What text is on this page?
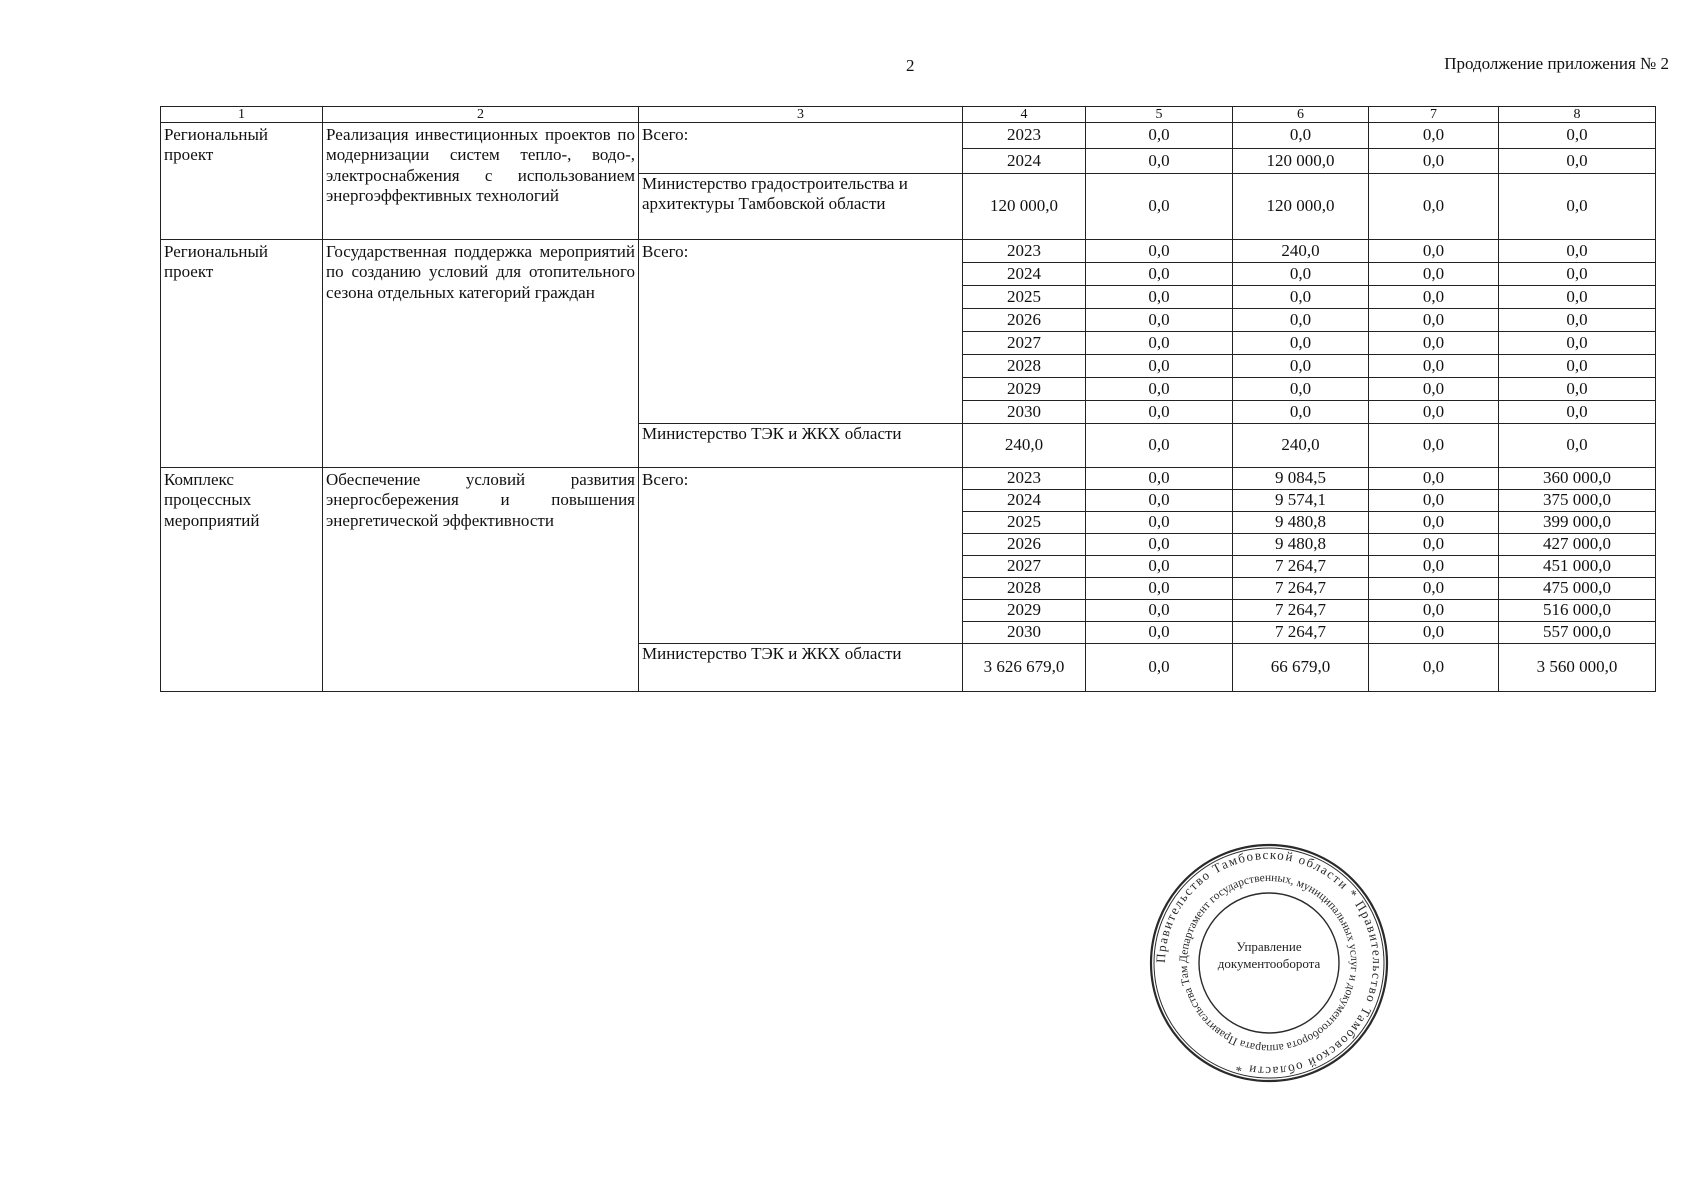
2	Продолжение приложения № 2
1	2	3	4	5	6	7	8
Региональный проект	Реализация инвестиционных проектов по модернизации систем тепло-, водо-, электроснабжения с использованием энергоэффективных технологий	Всего:	2023	0,0	0,0	0,0	0,0
			2024	0,0	120 000,0	0,0	0,0
		Министерство градостроительства и архитектуры Тамбовской области	120 000,0	0,0	120 000,0	0,0	0,0
Региональный проект	Государственная поддержка мероприятий по созданию условий для отопительного сезона отдельных категорий граждан	Всего:	2023	0,0	240,0	0,0	0,0
			2024	0,0	0,0	0,0	0,0
			2025	0,0	0,0	0,0	0,0
			2026	0,0	0,0	0,0	0,0
			2027	0,0	0,0	0,0	0,0
			2028	0,0	0,0	0,0	0,0
			2029	0,0	0,0	0,0	0,0
			2030	0,0	0,0	0,0	0,0
		Министерство ТЭК и ЖКХ области	240,0	0,0	240,0	0,0	0,0
Комплекс процессных мероприятий	Обеспечение условий развития энергосбережения и повышения энергетической эффективности	Всего:	2023	0,0	9 084,5	0,0	360 000,0
			2024	0,0	9 574,1	0,0	375 000,0
			2025	0,0	9 480,8	0,0	399 000,0
			2026	0,0	9 480,8	0,0	427 000,0
			2027	0,0	7 264,7	0,0	451 000,0
			2028	0,0	7 264,7	0,0	475 000,0
			2029	0,0	7 264,7	0,0	516 000,0
			2030	0,0	7 264,7	0,0	557 000,0
		Министерство ТЭК и ЖКХ области	3 626 679,0	0,0	66 679,0	0,0	3 560 000,0
Правительство Тамбовской области * Правительство Тамбовской области *
Департамент государственных, муниципальных услуг и документооборота аппарата Правительства Там
Управление
документооборота
